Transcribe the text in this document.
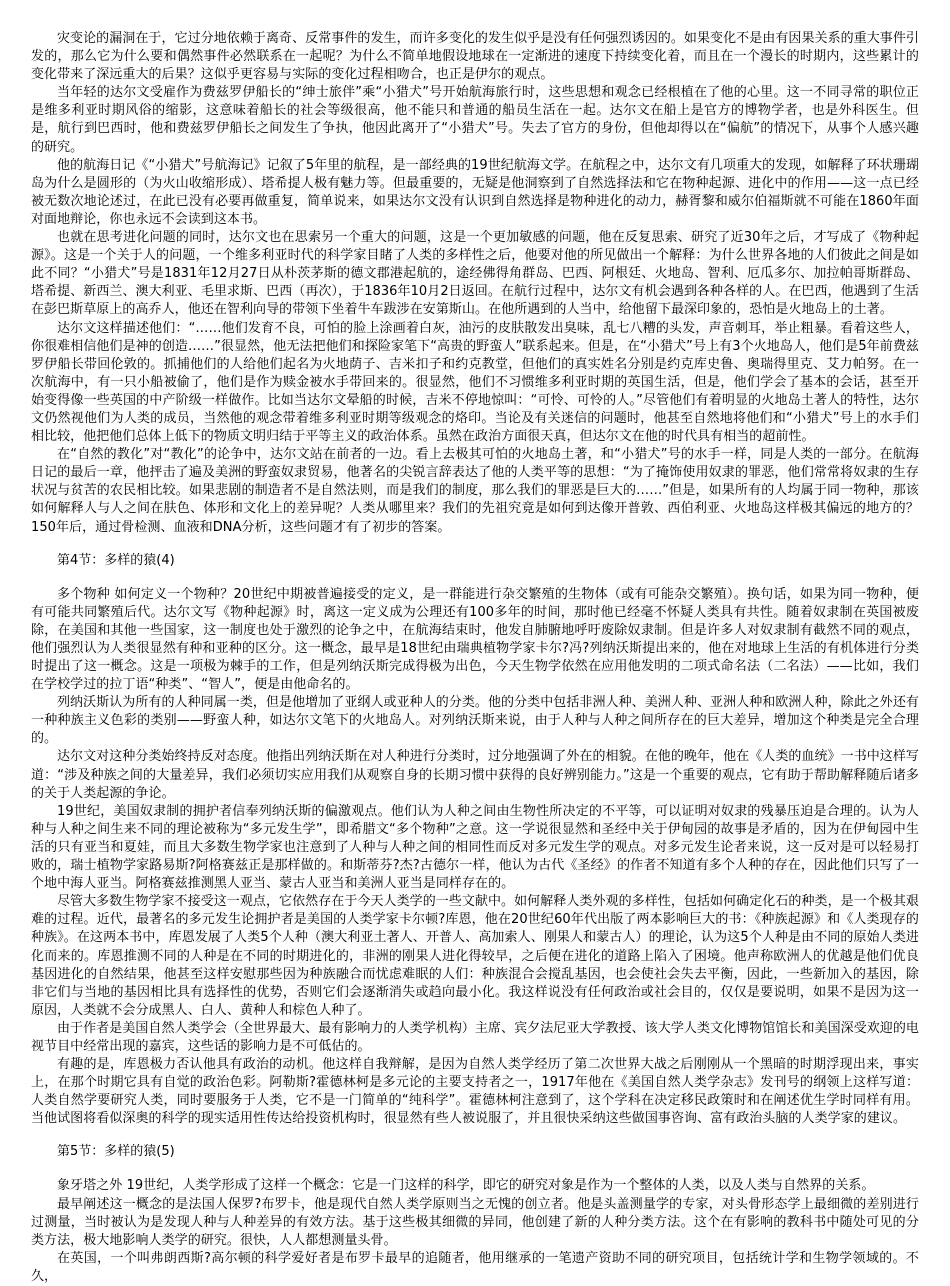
灾变论的漏洞在于，它过分地依赖于离奇、反常事件的发生，而许多变化的发生似乎是没有任何强烈诱因的。如果变化不是由有因果关系的重大事件引发的，那么它为什么要和偶然事件必然联系在一起呢？为什么不简单地假设地球在一定渐进的速度下持续变化着，而且在一个漫长的时期内，这些累计的变化带来了深远重大的后果？这似乎更容易与实际的变化过程相吻合，也正是伊尔的观点。

当年轻的达尔文受雇作为费兹罗伊船长的“绅士旅伴”乘“小猎犬”号开始航海旅行时，这些思想和观念已经根植在了他的心里。这一不同寻常的职位正是维多利亚时期风俗的缩影，这意味着船长的社会等级很高，他不能只和普通的船员生活在一起。达尔文在船上是官方的博物学者，也是外科医生。但是，航行到巴西时，他和费兹罗伊船长之间发生了争执，他因此离开了“小猎犬”号。失去了官方的身份，但他却得以在“偏航”的情况下，从事个人感兴趣的研究。

他的航海日记《“小猎犬”号航海记》记叙了5年里的航程，是一部经典的19世纪航海文学。在航程之中，达尔文有几项重大的发现，如解释了环状珊瑚岛为什么是圆形的（为火山收缩形成）、塔希提人极有魅力等。但最重要的，无疑是他洞察到了自然选择法和它在物种起源、进化中的作用——这一点已经被无数次地论述过，在此已没有必要再做重复，简单说来，如果达尔文没有认识到自然选择是物种进化的动力，赫胥黎和威尔伯福斯就不可能在1860年面对面地辩论，你也永远不会读到这本书。

也就在思考进化问题的同时，达尔文也在思索另一个重大的问题，这是一个更加敏感的问题，他在反复思索、研究了近30年之后，才写成了《物种起源》。这是一个关于人的问题，一个维多利亚时代的科学家目睹了人类的多样性之后，他要对他的所见做出一个解释：为什么世界各地的人们彼此之间是如此不同？“小猎犬”号是1831年12月27日从朴茨茅斯的德文郡港起航的，途经佛得角群岛、巴西、阿根廷、火地岛、智利、厄瓜多尔、加拉帕哥斯群岛、塔希提、新西兰、澳大利亚、毛里求斯、巴西（再次），于1836年10月2日返回。在航行过程中，达尔文有机会遇到各种各样的人。在巴西，他遇到了生活在彭巴斯草原上的高乔人，他还在智利向导的带领下坐着牛车跋涉在安第斯山。在他所遇到的人当中，给他留下最深印象的，恐怕是火地岛上的土著。

达尔文这样描述他们：“……他们发育不良，可怕的脸上涂画着白灰，油污的皮肤散发出臭味，乱七八糟的头发，声音刺耳，举止粗暴。看着这些人，你很难相信他们是神的创造……”很显然，他无法把他们和探险家笔下“高贵的野蛮人”联系起来。但是，在“小猎犬”号上有3个火地岛人，他们是5年前费兹罗伊船长带回伦敦的。抓捕他们的人给他们起名为火地荫子、吉米扣子和约克教堂，但他们的真实姓名分别是约克库史鲁、奥瑞得里克、艾力帕努。在一次航海中，有一只小船被偷了，他们是作为赎金被水手带回来的。很显然，他们不习惯维多利亚时期的英国生活，但是，他们学会了基本的会话，甚至开始变得像一些英国的中产阶级一样做作。比如当达尔文晕船的时候，吉米不停地惊叫：“可怜、可怜的人。”尽管他们有着明显的火地岛土著人的特性，达尔文仍然视他们为人类的成员，当然他的观念带着维多利亚时期等级观念的烙印。当论及有关迷信的问题时，他甚至自然地将他们和“小猎犬”号上的水手们相比较，他把他们总体上低下的物质文明归结于平等主义的政治体系。虽然在政治方面很天真，但达尔文在他的时代具有相当的超前性。

在“自然的教化”对“教化”的论争中，达尔文站在前者的一边。看上去极其可怕的火地岛土著，和“小猎犬”号的水手一样，同是人类的一部分。在航海日记的最后一章，他抨击了遍及美洲的野蛮奴隶贸易，他著名的尖锐言辞表达了他的人类平等的思想：“为了掩饰使用奴隶的罪恶，他们常常将奴隶的生存状况与贫苦的农民相比较。如果悲剧的制造者不是自然法则，而是我们的制度，那么我们的罪恶是巨大的……”但是，如果所有的人均属于同一物种，那该如何解释人与人之间在肤色、体形和文化上的差异呢？人类从哪里来？我们的先祖究竟是如何到达像开普敦、西伯利亚、火地岛这样极其偏远的地方的？150年后，通过骨检测、血液和DNA分析，这些问题才有了初步的答案。

第4节：多样的猿(4)

多个物种 如何定义一个物种？20世纪中期被普遍接受的定义，是一群能进行杂交繁殖的生物体（或有可能杂交繁殖）。换句话，如果为同一物种，便有可能共同繁殖后代。达尔文写《物种起源》时，离这一定义成为公理还有100多年的时间，那时他已经毫不怀疑人类具有共性。随着奴隶制在英国被废除，在美国和其他一些国家，这一制度也处于激烈的论争之中，在航海结束时，他发自肺腑地呼吁废除奴隶制。但是许多人对奴隶制有截然不同的观点，他们强烈认为人类很显然有种和亚种的区分。这一概念，最早是18世纪由瑞典植物学家卡尔?冯?列纳沃斯提出来的，他在对地球上生活的有机体进行分类时提出了这一概念。这是一项极为棘手的工作，但是列纳沃斯完成得极为出色，今天生物学依然在应用他发明的二项式命名法（二名法）——比如，我们在学校学过的拉丁语“种类”、“智人”，便是由他命名的。

列纳沃斯认为所有的人种同属一类，但是他增加了亚纲人或亚种人的分类。他的分类中包括非洲人种、美洲人种、亚洲人种和欧洲人种，除此之外还有一种种族主义色彩的类别——野蛮人种，如达尔文笔下的火地岛人。对列纳沃斯来说，由于人种与人种之间所存在的巨大差异，增加这个种类是完全合理的。

达尔文对这种分类始终持反对态度。他指出列纳沃斯在对人种进行分类时，过分地强调了外在的相貌。在他的晚年，他在《人类的血统》一书中这样写道：“涉及种族之间的大量差异，我们必须切实应用我们从观察自身的长期习惯中获得的良好辨别能力。”这是一个重要的观点，它有助于帮助解释随后诸多的关于人类起源的争论。

19世纪，美国奴隶制的拥护者信奉列纳沃斯的偏激观点。他们认为人种之间由生物性所决定的不平等，可以证明对奴隶的残暴压迫是合理的。认为人种与人种之间生来不同的理论被称为“多元发生学”，即希腊文“多个物种”之意。这一学说很显然和圣经中关于伊甸园的故事是矛盾的，因为在伊甸园中生活的只有亚当和夏娃，而且大多数生物学家也注意到了人种与人种之间的相同性而反对多元发生学的观点。对多元发生论者来说，这一反对是可以轻易打败的，瑞士植物学家路易斯?阿格赛兹正是那样做的。和斯蒂芬?杰?古德尔一样，他认为古代《圣经》的作者不知道有多个人种的存在，因此他们只写了一个地中海人亚当。阿格赛兹推测黑人亚当、蒙古人亚当和美洲人亚当是同样存在的。

尽管大多数生物学家不接受这一观点，它依然存在于今天人类学的一些文献中。如何解释人类外观的多样性，包括如何确定化石的种类，是一个极其艰难的过程。近代，最著名的多元发生论拥护者是美国的人类学家卡尔顿?库恩，他在20世纪60年代出版了两本影响巨大的书：《种族起源》和《人类现存的种族》。在这两本书中，库恩发展了人类5个人种（澳大利亚土著人、开普人、高加索人、刚果人和蒙古人）的理论，认为这5个人种是由不同的原始人类进化而来的。库恩推测不同的人种是在不同的时期进化的，非洲的刚果人进化得较早，之后便在进化的道路上陷入了困境。他声称欧洲人的优越是他们优良基因进化的自然结果，他甚至这样安慰那些因为种族融合而忧虑难眠的人们：种族混合会搅乱基因，也会使社会失去平衡，因此，一些新加入的基因，除非它们与当地的基因相比具有选择性的优势，否则它们会逐渐消失或趋向最小化。我这样说没有任何政治或社会目的，仅仅是要说明，如果不是因为这一原因，人类就不会分成黑人、白人、黄种人和棕色人种了。

由于作者是美国自然人类学会（全世界最大、最有影响力的人类学机构）主席、宾夕法尼亚大学教授、该大学人类文化博物馆馆长和美国深受欢迎的电视节目中经常出现的嘉宾，这些话的影响力是不可低估的。

有趣的是，库恩极力否认他具有政治的动机。他这样自我辩解，是因为自然人类学经历了第二次世界大战之后刚刚从一个黑暗的时期浮现出来，事实上，在那个时期它具有自觉的政治色彩。阿勒斯?霍德林柯是多元论的主要支持者之一，1917年他在《美国自然人类学杂志》发刊号的纲领上这样写道：人类自然学要研究人类，同时要服务于人类，它不是一门简单的“纯科学”。霍德林柯注意到了，这个学科在决定移民政策时和在阐述优生学时同样有用。当他试图将看似深奥的科学的现实适用性传达给投资机构时，很显然有些人被说服了，并且很快采纳这些做国事咨询、富有政治头脑的人类学家的建议。

第5节：多样的猿(5)

象牙塔之外 19世纪，人类学形成了这样一个概念：它是一门这样的科学，即它的研究对象是作为一个整体的人类，以及人类与自然界的关系。

最早阐述这一概念的是法国人保罗?布罗卡，他是现代自然人类学原则当之无愧的创立者。他是头盖测量学的专家，对头骨形态学上最细微的差别进行过测量，当时被认为是发现人种与人种差异的有效方法。基于这些极其细微的异同，他创建了新的人种分类方法。这个在有影响的教科书中随处可见的分类方法，极大地影响人类学的研究。很快，人人都想测量头骨。

在英国，一个叫弗朗西斯?高尔顿的科学爱好者是布罗卡最早的追随者，他用继承的一笔遗产资助不同的研究项目，包括统计学和生物学领域的。不久，
